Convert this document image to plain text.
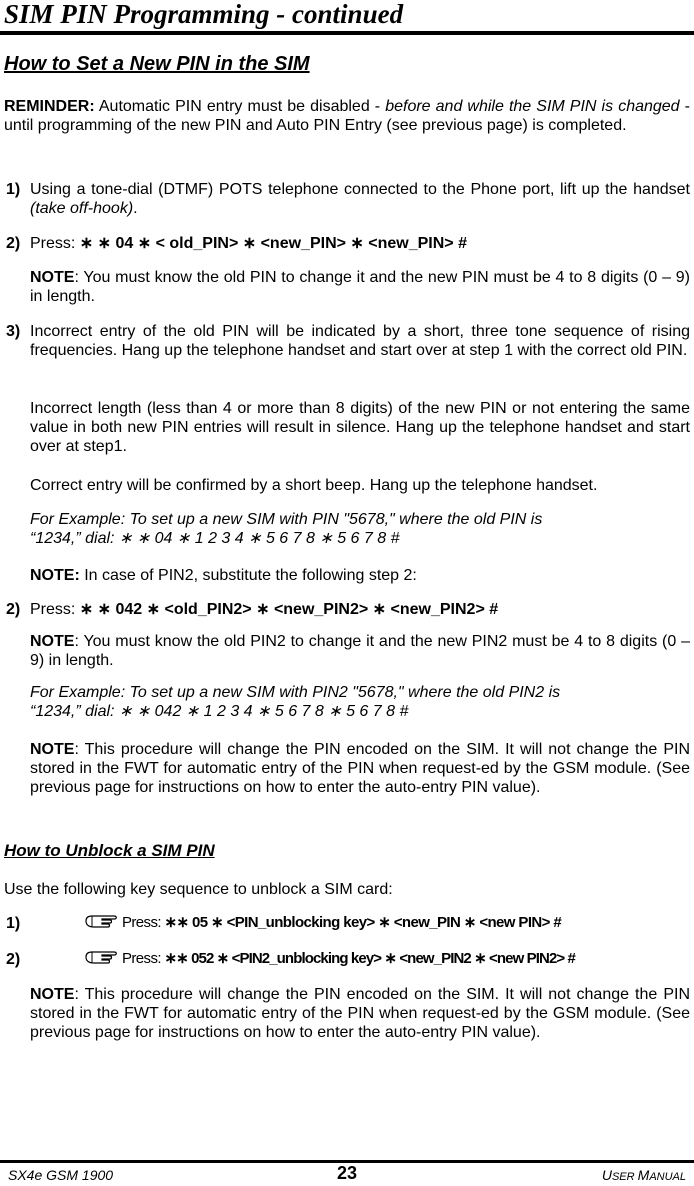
SIM PIN Programming - continued
How to Set a New PIN in the SIM

REMINDER: Automatic PIN entry must be disabled - before and while the SIM PIN is changed - until programming of the new PIN and Auto PIN Entry (see previous page) is completed.

1) Using a tone-dial (DTMF) POTS telephone connected to the Phone port, lift up the handset (take off-hook).

2) Press: ∗ ∗ 04 ∗ < old_PIN> ∗ <new_PIN> ∗ <new_PIN> #

NOTE: You must know the old PIN to change it and the new PIN must be 4 to 8 digits (0 – 9) in length.

3) Incorrect entry of the old PIN will be indicated by a short, three tone sequence of rising frequencies. Hang up the telephone handset and start over at step 1 with the correct old PIN.

Incorrect length (less than 4 or more than 8 digits) of the new PIN or not entering the same value in both new PIN entries will result in silence. Hang up the telephone handset and start over at step1.

Correct entry will be confirmed by a short beep. Hang up the telephone handset.

For Example: To set up a new SIM with PIN "5678," where the old PIN is
“1234,” dial: ∗ ∗ 04 ∗ 1 2 3 4 ∗ 5 6 7 8 ∗ 5 6 7 8 #

NOTE: In case of PIN2, substitute the following step 2:

2) Press: ∗ ∗ 042 ∗ <old_PIN2> ∗ <new_PIN2> ∗ <new_PIN2> #

NOTE: You must know the old PIN2 to change it and the new PIN2 must be 4 to 8 digits (0 – 9) in length.

For Example: To set up a new SIM with PIN2 "5678," where the old PIN2 is
“1234,” dial: ∗ ∗ 042 ∗ 1 2 3 4 ∗ 5 6 7 8 ∗ 5 6 7 8 #

NOTE: This procedure will change the PIN encoded on the SIM. It will not change the PIN stored in the FWT for automatic entry of the PIN when request-ed by the GSM module. (See previous page for instructions on how to enter the auto-entry PIN value).

How to Unblock a SIM PIN

Use the following key sequence to unblock a SIM card:

1)	Press: ∗∗ 05 ∗ <PIN_unblocking key> ∗ <new_PIN ∗ <new PIN> #

2)	Press: ∗∗ 052 ∗ <PIN2_unblocking key> ∗ <new_PIN2 ∗ <new PIN2> #

NOTE: This procedure will change the PIN encoded on the SIM. It will not change the PIN stored in the FWT for automatic entry of the PIN when request-ed by the GSM module. (See previous page for instructions on how to enter the auto-entry PIN value).

SX4e GSM 1900	23	USER MANUAL
